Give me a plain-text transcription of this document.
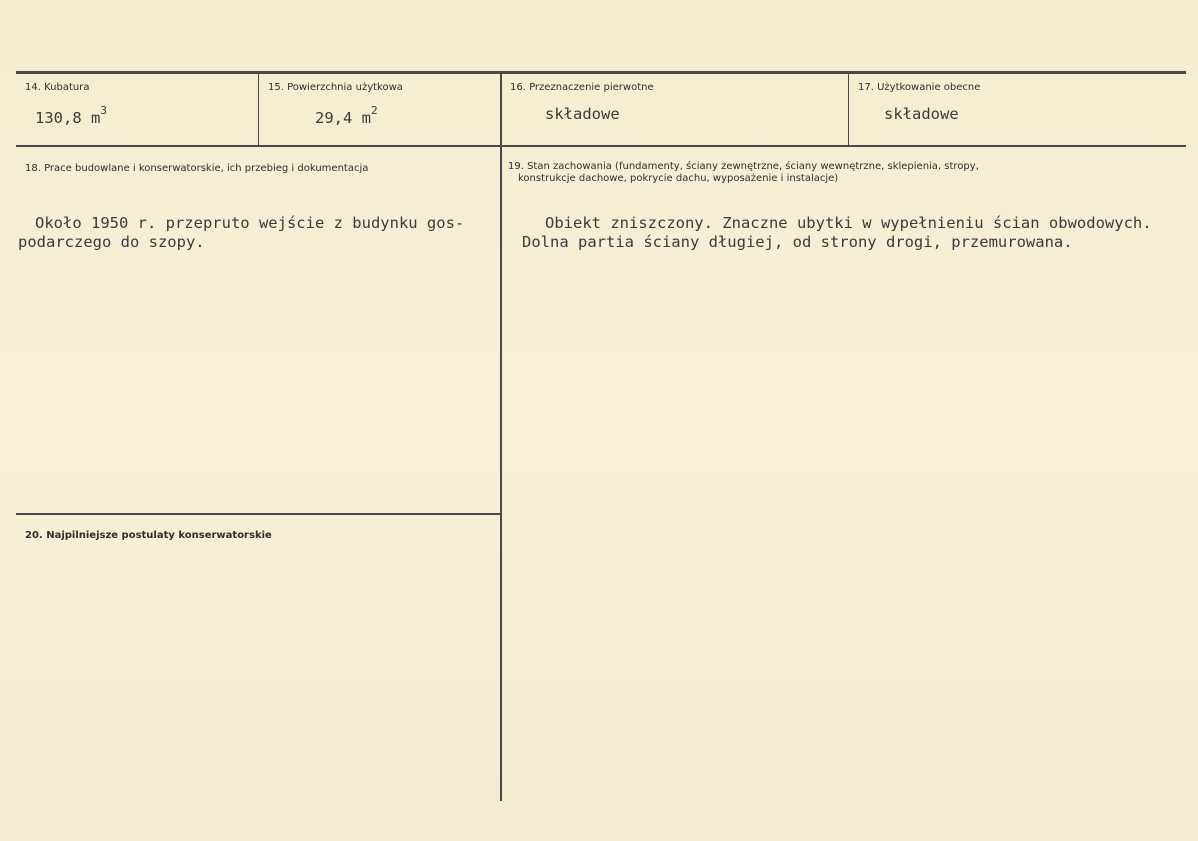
14. Kubatura
130,8 $m^3$
15. Powierzchnia użytkowa
29,4 $m^2$
16. Przeznaczenie pierwotne
składowe
17. Użytkowanie obecne
składowe
18. Prace budowlane i konserwatorskie, ich przebieg i dokumentacja
Około 1950 r. przepruto wejście z budynku gos-
podarczego do szopy.
19. Stan zachowania (fundamenty, ściany zewnętrzne, ściany wewnętrzne, sklepienia, stropy,
konstrukcje dachowe, pokrycie dachu, wyposażenie i instalacje)
Obiekt zniszczony. Znaczne ubytki w wypełnieniu ścian obwodowych.
Dolna partia ściany długiej, od strony drogi, przemurowana.
20. Najpilniejsze postulaty konserwatorskie
